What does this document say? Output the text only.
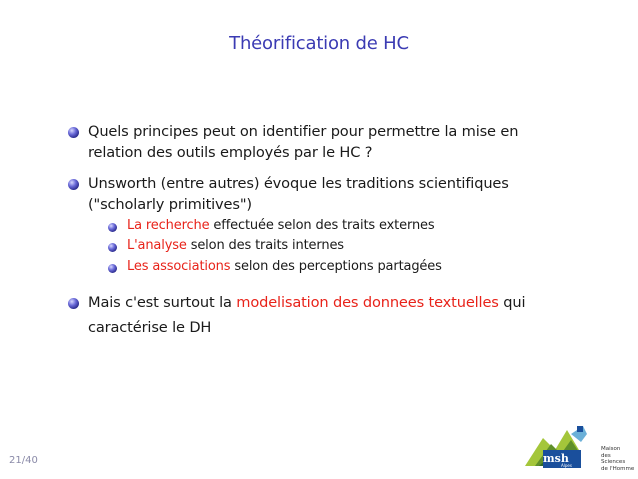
Théorification de HC
Quels principes peut on identifier pour permettre la mise en
relation des outils employés par le HC ?
Unsworth (entre autres) évoque les traditions scientifiques
("scholarly primitives")
La recherche effectuée selon des traits externes
L'analyse selon des traits internes
Les associations selon des perceptions partagées
Mais c'est surtout la modelisation des donnees textuelles qui
caractérise le DH
21/40	msh
Alpes
Maison
des Sciences
de l'Homme
